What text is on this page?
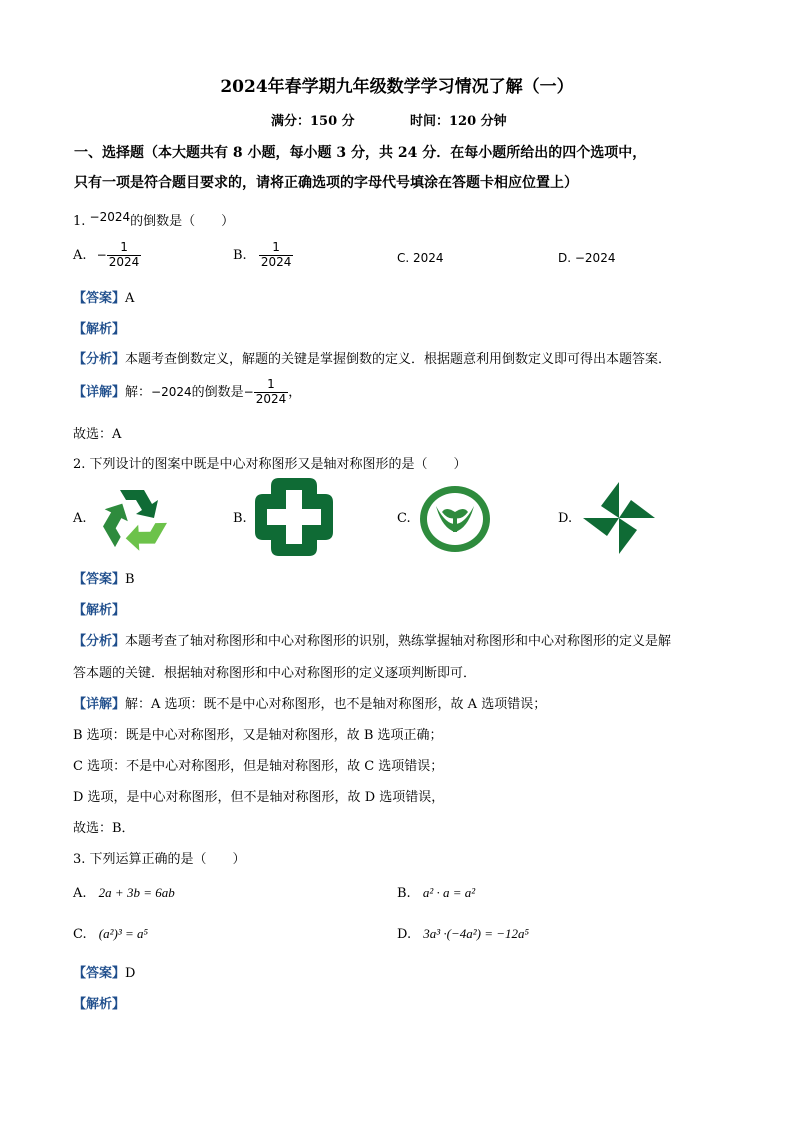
2024年春学期九年级数学学习情况了解（一）
满分：150 分	时间：120 分钟
一、选择题（本大题共有 8 小题，每小题 3 分，共 24 分．在每小题所给出的四个选项中，
只有一项是符合题目要求的，请将正确选项的字母代号填涂在答题卡相应位置上）
1. −2024的倒数是（　　）
A. − $\frac{1}{2024}$	B. $\frac{1}{2024}$	C. 2024	D. −2024
【答案】A
【解析】
【分析】本题考查倒数定义，解题的关键是掌握倒数的定义．根据题意利用倒数定义即可得出本题答案．
【详解】解：−2024的倒数是− $\frac{1}{2024}$ ，
故选：A
2. 下列设计的图案中既是中心对称图形又是轴对称图形的是（　　）
A.	B.	C.	D.
【答案】B
【解析】
【分析】本题考查了轴对称图形和中心对称图形的识别，熟练掌握轴对称图形和中心对称图形的定义是解
答本题的关键．根据轴对称图形和中心对称图形的定义逐项判断即可．
【详解】解：A 选项：既不是中心对称图形，也不是轴对称图形，故 A 选项错误；
B 选项：既是中心对称图形，又是轴对称图形，故 B 选项正确；
C 选项：不是中心对称图形，但是轴对称图形，故 C 选项错误；
D 选项，是中心对称图形，但不是轴对称图形，故 D 选项错误，
故选：B．
3. 下列运算正确的是（　　）
A. 2a + 3b = 6ab	B. a² · a = a²
C. (a²)³ = a⁵	D. 3a³ ·(−4a²) = −12a⁵
【答案】D
【解析】
